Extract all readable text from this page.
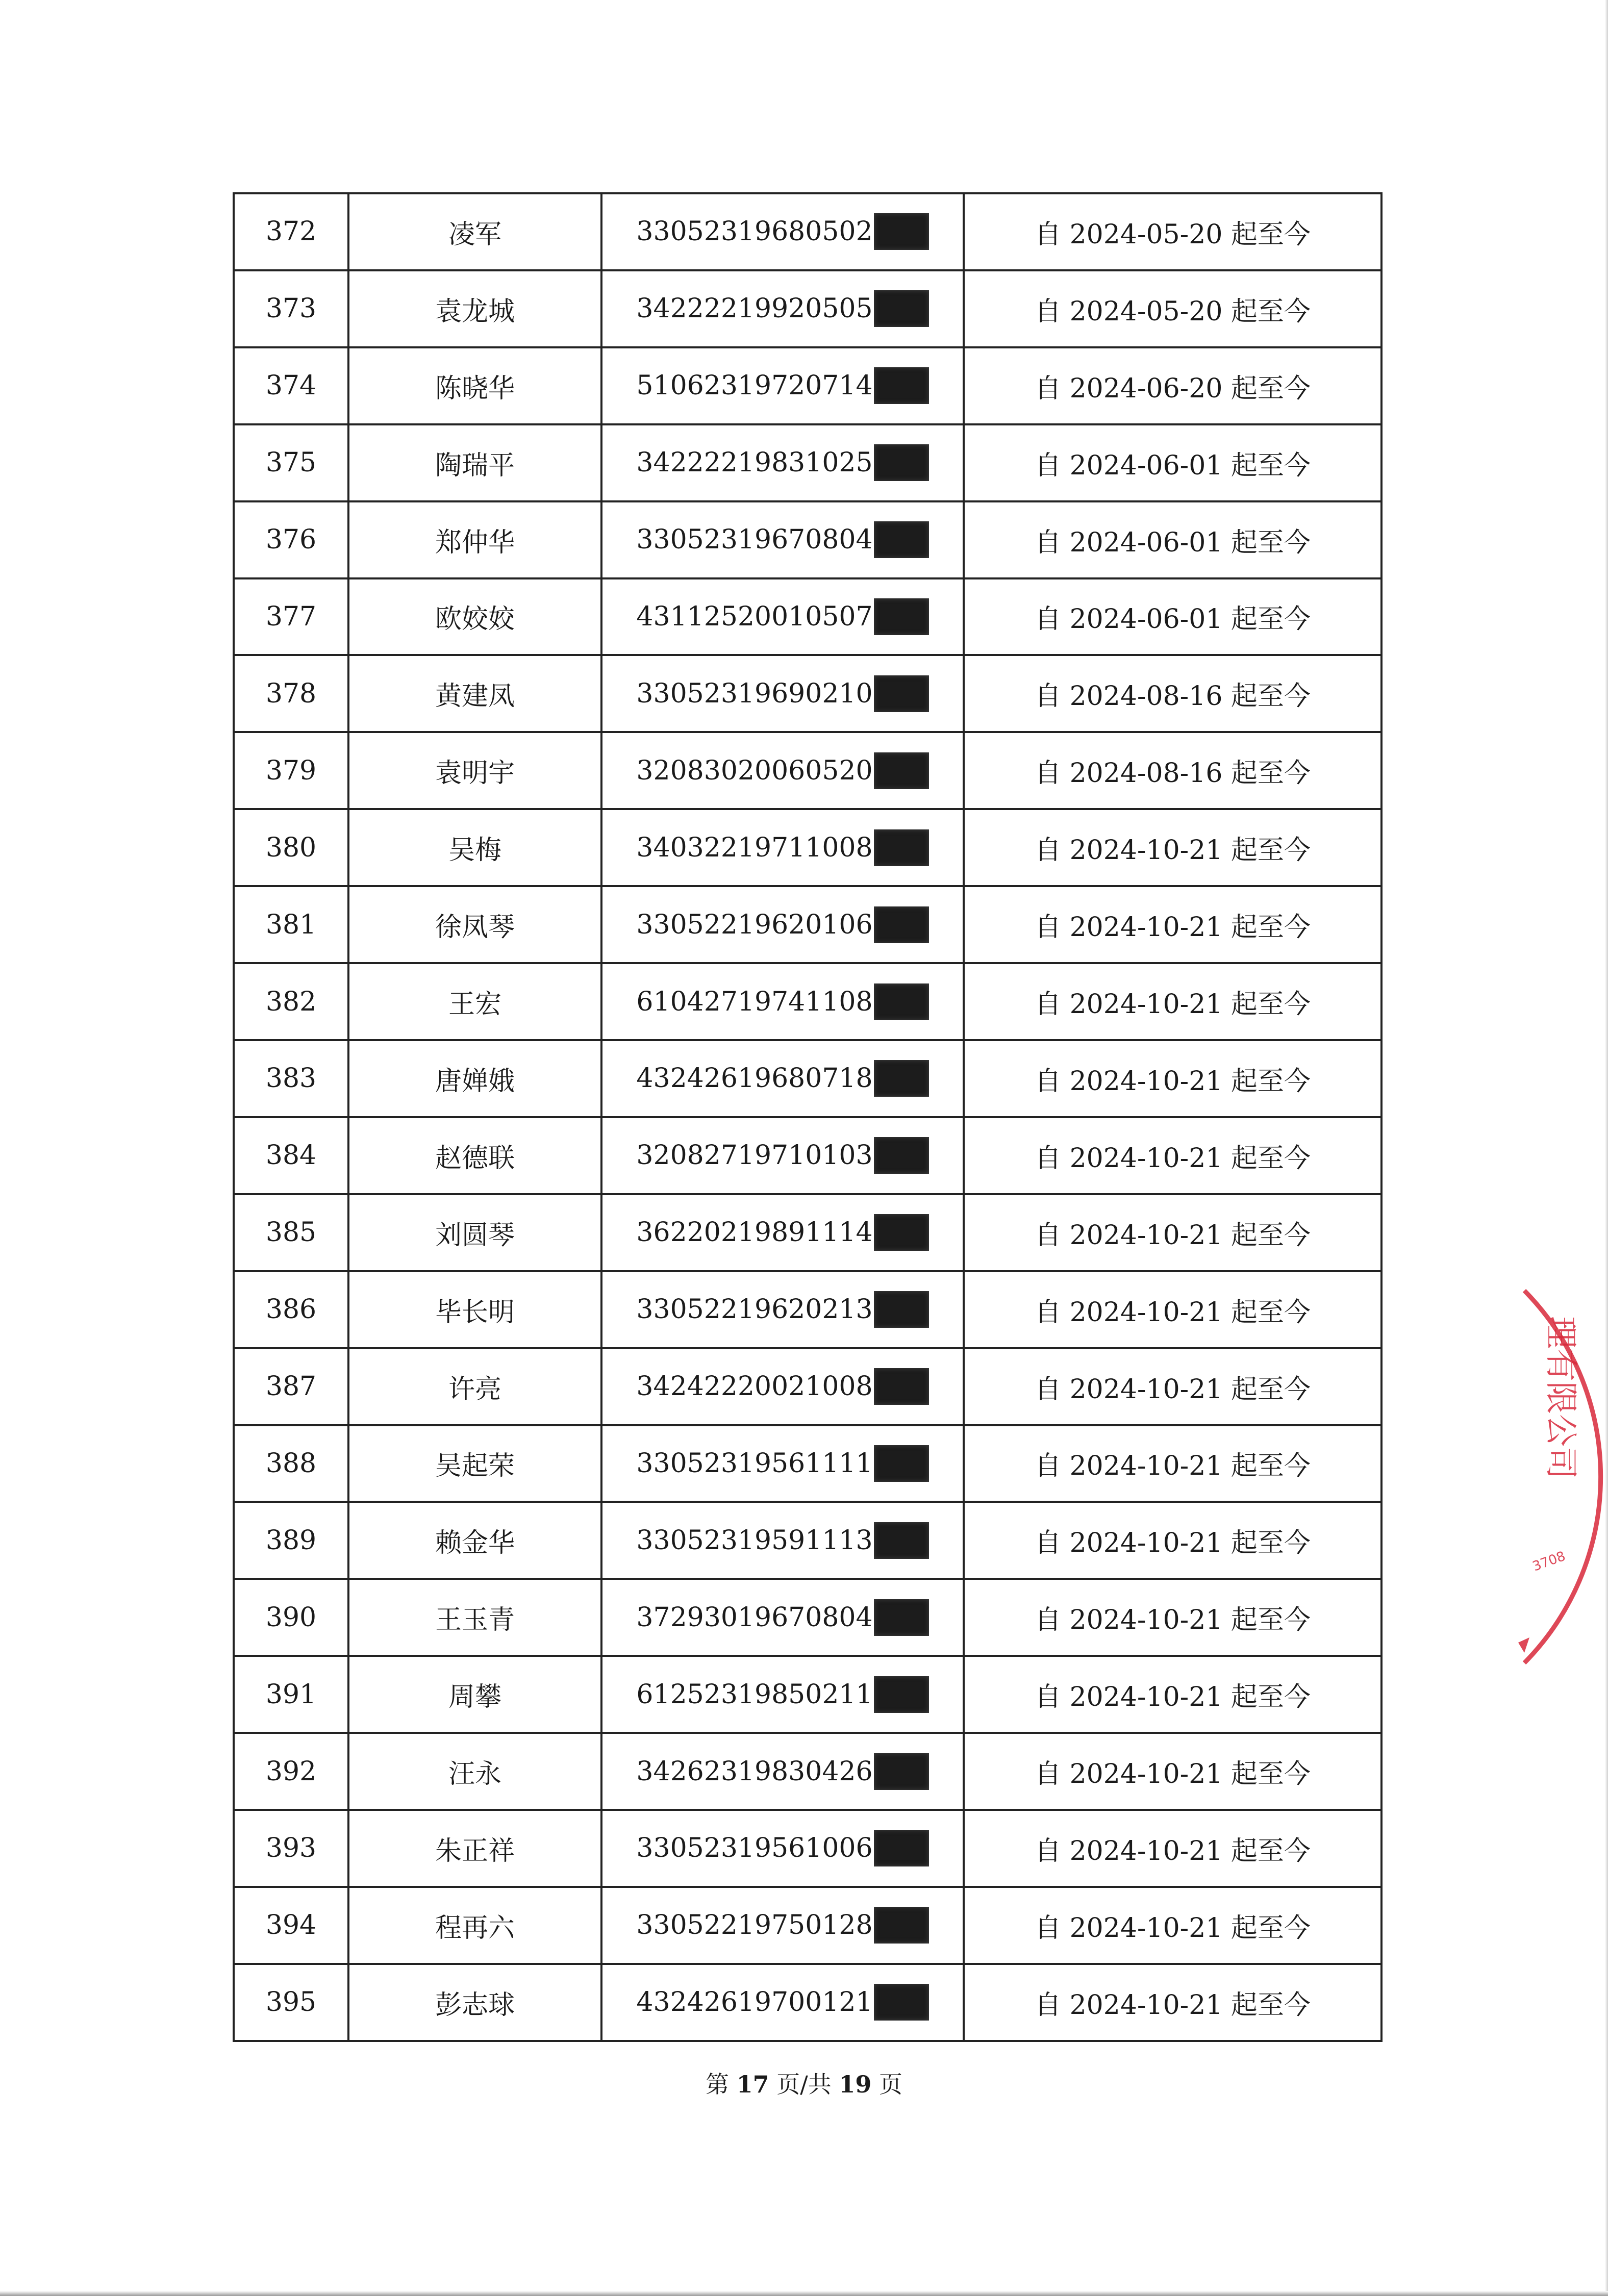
372	凌军	33052319680502	自 2024-05-20 起至今
373	袁龙城	34222219920505	自 2024-05-20 起至今
374	陈晓华	51062319720714	自 2024-06-20 起至今
375	陶瑞平	34222219831025	自 2024-06-01 起至今
376	郑仲华	33052319670804	自 2024-06-01 起至今
377	欧姣姣	43112520010507	自 2024-06-01 起至今
378	黄建凤	33052319690210	自 2024-08-16 起至今
379	袁明宇	32083020060520	自 2024-08-16 起至今
380	吴梅	34032219711008	自 2024-10-21 起至今
381	徐凤琴	33052219620106	自 2024-10-21 起至今
382	王宏	61042719741108	自 2024-10-21 起至今
383	唐婵娥	43242619680718	自 2024-10-21 起至今
384	赵德联	32082719710103	自 2024-10-21 起至今
385	刘圆琴	36220219891114	自 2024-10-21 起至今
386	毕长明	33052219620213	自 2024-10-21 起至今
387	许亮	34242220021008	自 2024-10-21 起至今
388	吴起荣	33052319561111	自 2024-10-21 起至今
389	赖金华	33052319591113	自 2024-10-21 起至今
390	王玉青	37293019670804	自 2024-10-21 起至今
391	周攀	61252319850211	自 2024-10-21 起至今
392	汪永	34262319830426	自 2024-10-21 起至今
393	朱正祥	33052319561006	自 2024-10-21 起至今
394	程再六	33052219750128	自 2024-10-21 起至今
395	彭志球	43242619700121	自 2024-10-21 起至今
第 17 页/共 19 页
理有限公司
3708
